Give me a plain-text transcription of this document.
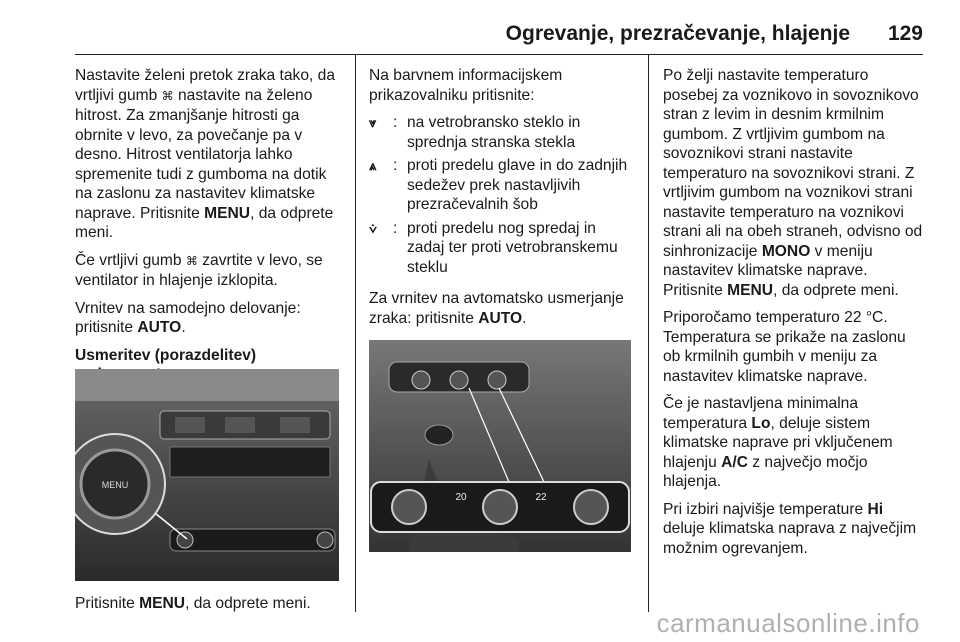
Ogrevanje, prezračevanje, hlajenje 129

Nastavite želeni pretok zraka tako, da vrtljivi gumb ⌘ nastavite na želeno hitrost. Za zmanjšanje hitrosti ga obrnite v levo, za povečanje pa v desno. Hitrost ventilatorja lahko spremenite tudi z gumboma na dotik na zaslonu za nastavitev klimatske naprave. Pritisnite MENU, da odprete meni.

Če vrtljivi gumb ⌘ zavrtite v levo, se ventilator in hlajenje izklopita.

Vrnitev na samodejno delovanje: pritisnite AUTO.

Usmeritev (porazdelitev)
MENU
Pritisnite MENU, da odprete meni.

Na barvnem informacijskem prikazovalniku pritisnite:

⩔	: na vetrobransko steklo in sprednja stranska stekla
⩓	: proti predelu glave in do zadnjih sedežev prek nastavljivih prezračevalnih šob
⩒	: proti predelu nog spredaj in zadaj ter proti vetrobranskemu steklu

Za vrnitev na avtomatsko usmerjanje zraka: pritisnite AUTO.

20	22

Po želji nastavite temperaturo posebej za voznikovo in sovoznikovo stran z levim in desnim krmilnim gumbom. Z vrtljivim gumbom na sovoznikovi strani nastavite temperaturo na sovoznikovi strani. Z vrtljivim gumbom na voznikovi strani nastavite temperaturo na voznikovi strani ali na obeh straneh, odvisno od sinhronizacije MONO v meniju nastavitev klimatske naprave. Pritisnite MENU, da odprete meni.

Priporočamo temperaturo 22 °C. Temperatura se prikaže na zaslonu ob krmilnih gumbih v meniju za nastavitev klimatske naprave.

Če je nastavljena minimalna temperatura Lo, deluje sistem klimatske naprave pri vključenem hlajenju A/C z največjo močjo hlajenja.

Pri izbiri najvišje temperature Hi deluje klimatska naprava z največjim možnim ogrevanjem.

carmanualsonline.info
